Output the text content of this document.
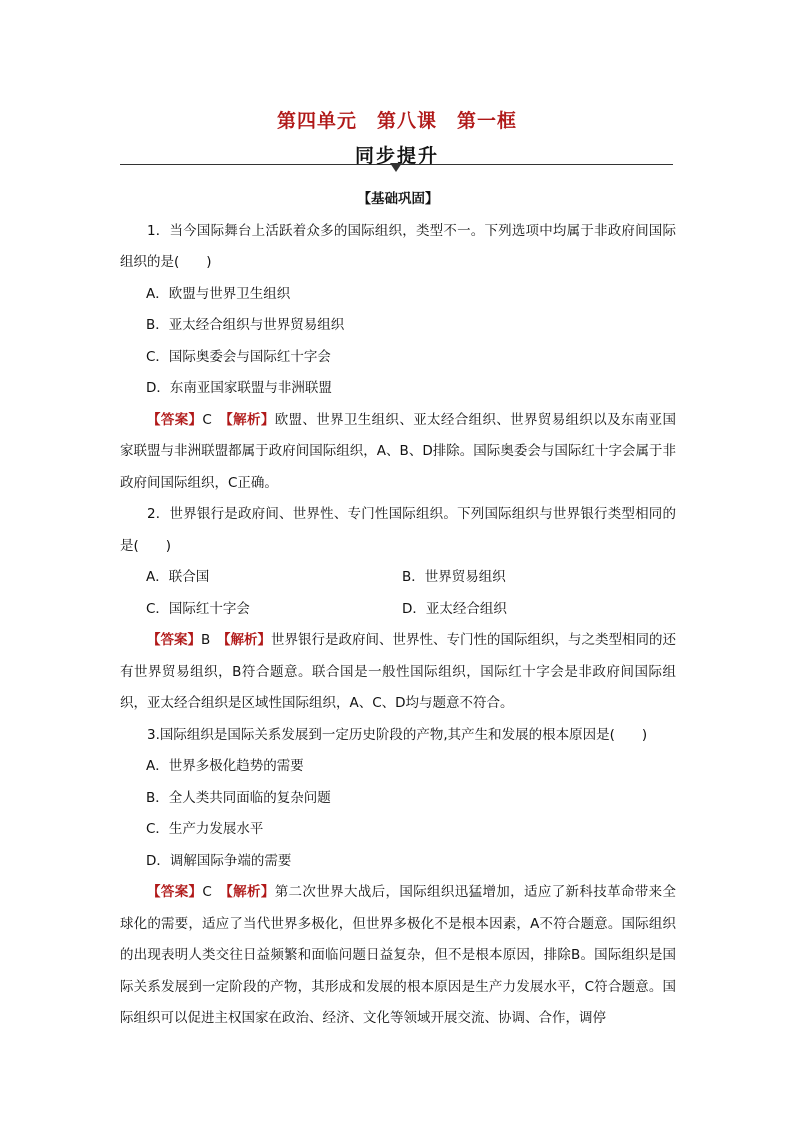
第四单元　第八课　第一框
同步提升
【基础巩固】

1．当今国际舞台上活跃着众多的国际组织，类型不一。下列选项中均属于非政府间国际组织的是(　　)

A．欧盟与世界卫生组织

B．亚太经合组织与世界贸易组织

C．国际奥委会与国际红十字会

D．东南亚国家联盟与非洲联盟

【答案】C　【解析】欧盟、世界卫生组织、亚太经合组织、世界贸易组织以及东南亚国家联盟与非洲联盟都属于政府间国际组织，A、B、D排除。国际奥委会与国际红十字会属于非政府间国际组织，C正确。

2．世界银行是政府间、世界性、专门性国际组织。下列国际组织与世界银行类型相同的是(　　)

A．联合国	B．世界贸易组织
C．国际红十字会	D．亚太经合组织

【答案】B　【解析】世界银行是政府间、世界性、专门性的国际组织，与之类型相同的还有世界贸易组织，B符合题意。联合国是一般性国际组织，国际红十字会是非政府间国际组织，亚太经合组织是区域性国际组织，A、C、D均与题意不符合。

3.国际组织是国际关系发展到一定历史阶段的产物,其产生和发展的根本原因是(　　)

A．世界多极化趋势的需要

B．全人类共同面临的复杂问题

C．生产力发展水平

D．调解国际争端的需要

【答案】C　【解析】第二次世界大战后，国际组织迅猛增加，适应了新科技革命带来全球化的需要，适应了当代世界多极化，但世界多极化不是根本因素，A不符合题意。国际组织的出现表明人类交往日益频繁和面临问题日益复杂，但不是根本原因，排除B。国际组织是国际关系发展到一定阶段的产物，其形成和发展的根本原因是生产力发展水平，C符合题意。国际组织可以促进主权国家在政治、经济、文化等领域开展交流、协调、合作，调停
